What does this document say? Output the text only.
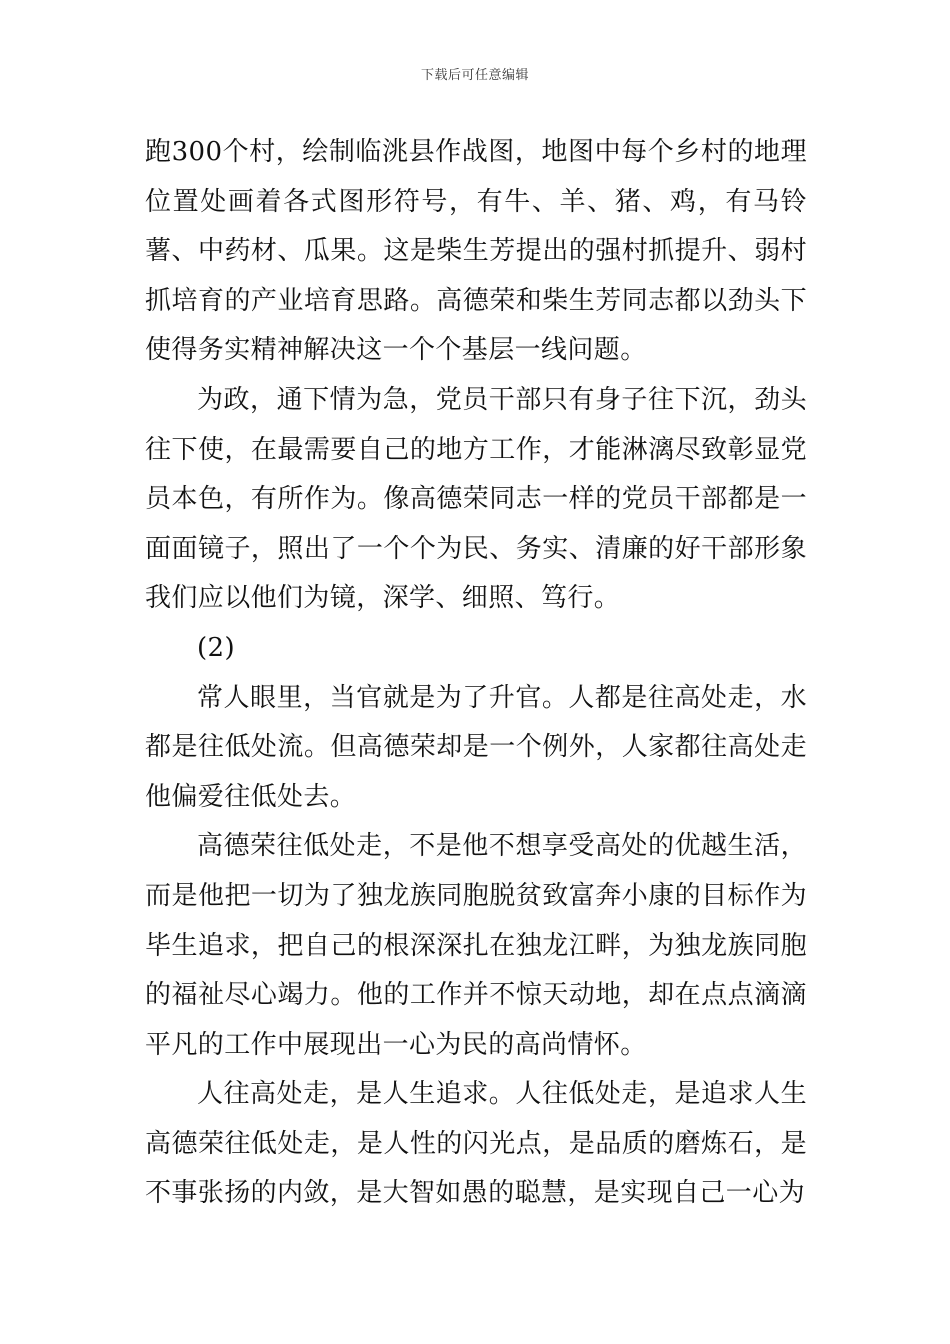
下载后可任意编辑

跑300个村，绘制临洮县作战图，地图中每个乡村的地理位置处画着各式图形符号，有牛、羊、猪、鸡，有马铃薯、中药材、瓜果。这是柴生芳提出的强村抓提升、弱村抓培育的产业培育思路。高德荣和柴生芳同志都以劲头下使得务实精神解决这一个个基层一线问题。

为政，通下情为急，党员干部只有身子往下沉，劲头往下使，在最需要自己的地方工作，才能淋漓尽致彰显党员本色，有所作为。像高德荣同志一样的党员干部都是一面面镜子，照出了一个个为民、务实、清廉的好干部形象我们应以他们为镜，深学、细照、笃行。

(2)

常人眼里，当官就是为了升官。人都是往高处走，水都是往低处流。但高德荣却是一个例外，人家都往高处走他偏爱往低处去。

高德荣往低处走，不是他不想享受高处的优越生活，而是他把一切为了独龙族同胞脱贫致富奔小康的目标作为毕生追求，把自己的根深深扎在独龙江畔，为独龙族同胞的福祉尽心竭力。他的工作并不惊天动地，却在点点滴滴平凡的工作中展现出一心为民的高尚情怀。

人往高处走，是人生追求。人往低处走，是追求人生高德荣往低处走，是人性的闪光点，是品质的磨炼石，是不事张扬的内敛，是大智如愚的聪慧，是实现自己一心为
